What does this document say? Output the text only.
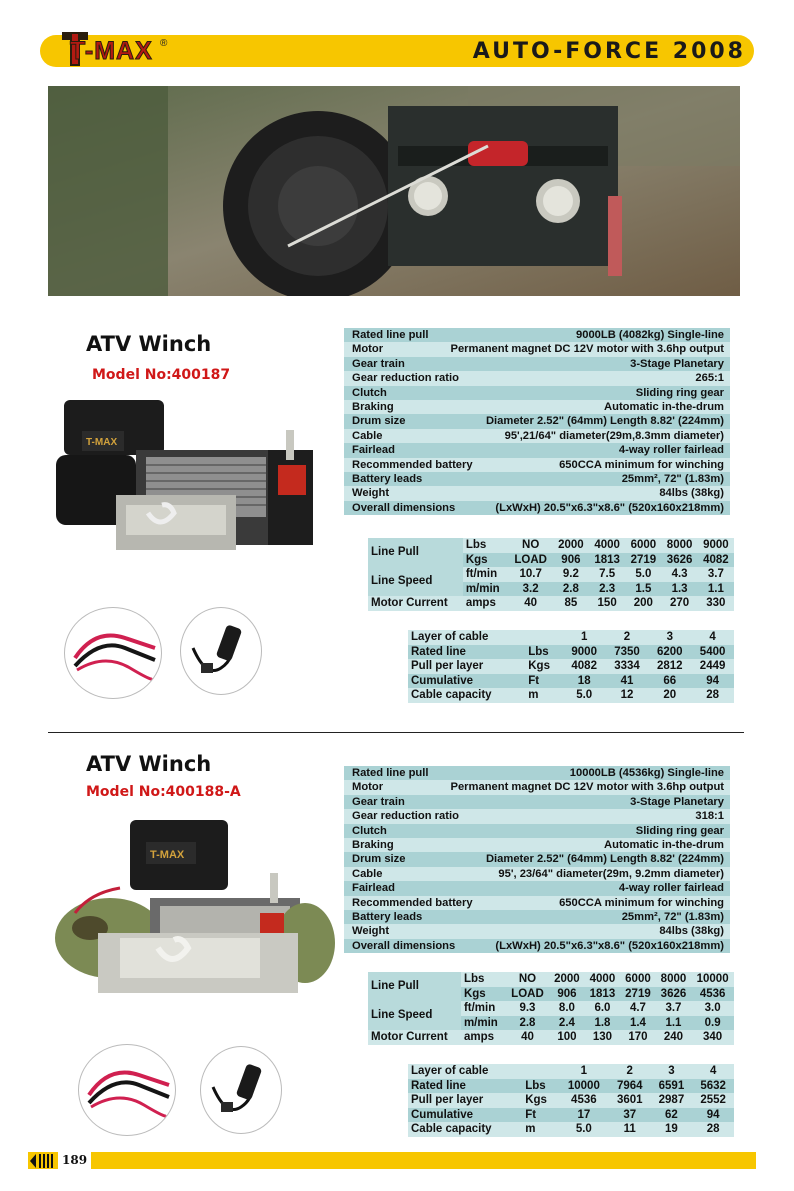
T-MAX ®	AUTO-FORCE 2008
ATV Winch
Model No:400187
T-MAX
Rated line pull	9000LB (4082kg) Single-line
Motor	Permanent magnet DC 12V motor with 3.6hp output
Gear train	3-Stage Planetary
Gear reduction ratio	265:1
Clutch	Sliding ring gear
Braking	Automatic in-the-drum
Drum size	Diameter 2.52" (64mm) Length 8.82' (224mm)
Cable	95',21/64" diameter(29m,8.3mm diameter)
Fairlead	4-way roller fairlead
Recommended battery	650CCA minimum for winching
Battery leads	25mm², 72" (1.83m)
Weight	84lbs (38kg)
Overall dimensions	(LxWxH) 20.5"x6.3"x8.6" (520x160x218mm)
Line Pull	Lbs	NO	2000	4000	6000	8000	9000
	Kgs	LOAD	906	1813	2719	3626	4082
Line Speed	ft/min	10.7	9.2	7.5	5.0	4.3	3.7
	m/min	3.2	2.8	2.3	1.5	1.3	1.1
Motor Current	amps	40	85	150	200	270	330
Layer of cable		1	2	3	4
Rated line	Lbs	9000	7350	6200	5400
Pull per layer	Kgs	4082	3334	2812	2449
Cumulative	Ft	18	41	66	94
Cable capacity	m	5.0	12	20	28
ATV Winch
Model No:400188-A
T-MAX
Rated line pull	10000LB (4536kg) Single-line
Motor	Permanent magnet DC 12V motor with 3.6hp output
Gear train	3-Stage Planetary
Gear reduction ratio	318:1
Clutch	Sliding ring gear
Braking	Automatic in-the-drum
Drum size	Diameter 2.52" (64mm) Length 8.82' (224mm)
Cable	95', 23/64" diameter(29m, 9.2mm diameter)
Fairlead	4-way roller fairlead
Recommended battery	650CCA minimum for winching
Battery leads	25mm², 72" (1.83m)
Weight	84lbs (38kg)
Overall dimensions	(LxWxH) 20.5"x6.3"x8.6" (520x160x218mm)
Line Pull	Lbs	NO	2000	4000	6000	8000	10000
	Kgs	LOAD	906	1813	2719	3626	4536
Line Speed	ft/min	9.3	8.0	6.0	4.7	3.7	3.0
	m/min	2.8	2.4	1.8	1.4	1.1	0.9
Motor Current	amps	40	100	130	170	240	340
Layer of cable		1	2	3	4
Rated line	Lbs	10000	7964	6591	5632
Pull per layer	Kgs	4536	3601	2987	2552
Cumulative	Ft	17	37	62	94
Cable capacity	m	5.0	11	19	28
189
